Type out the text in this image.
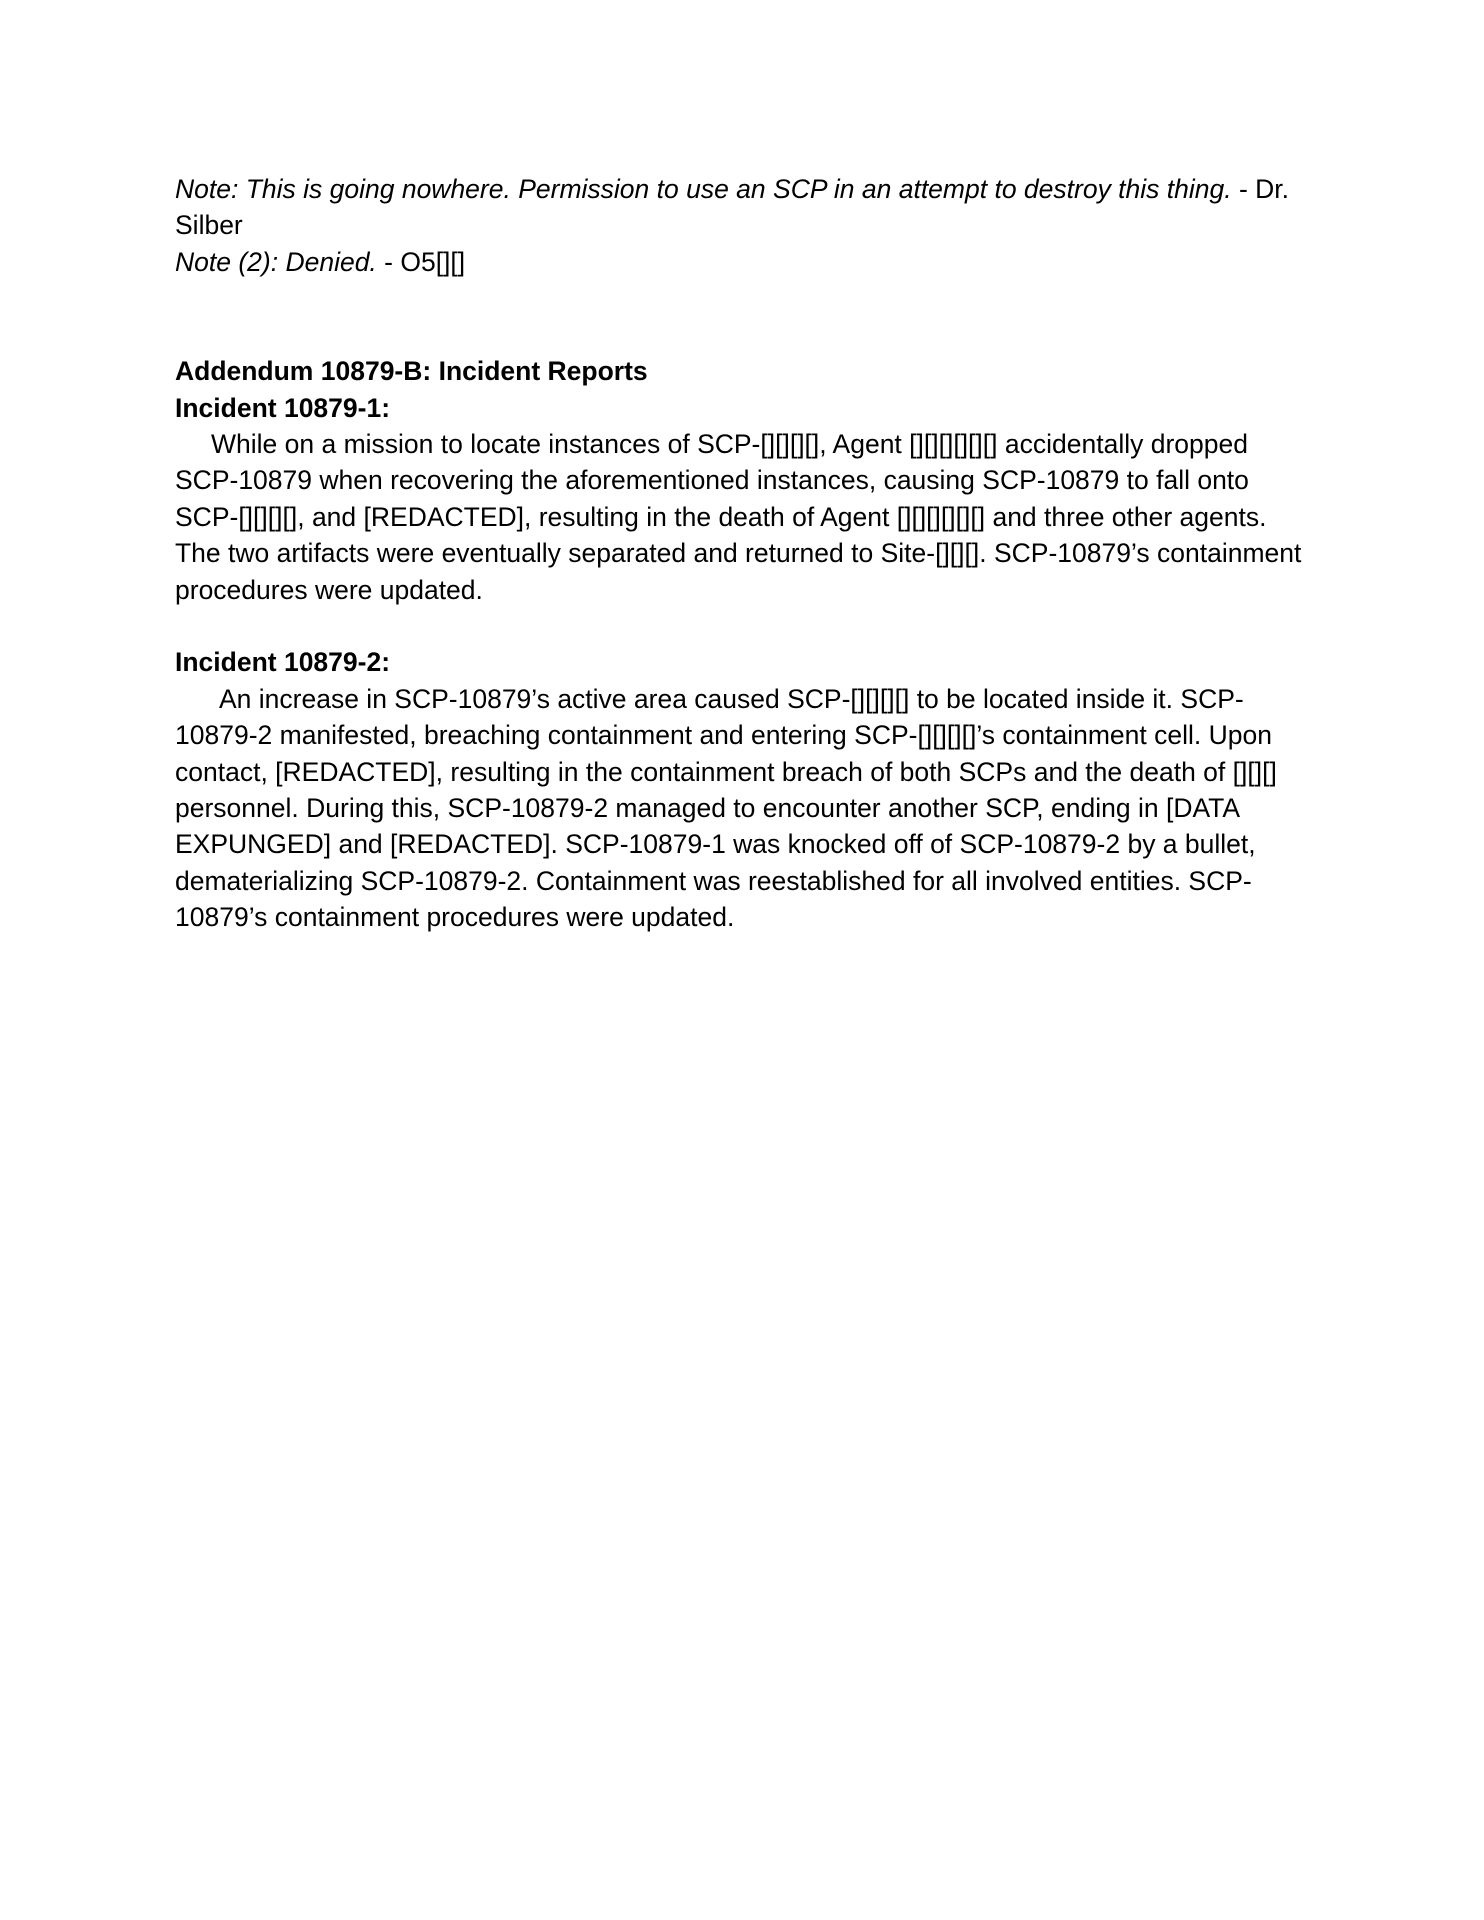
Note: This is going nowhere. Permission to use an SCP in an attempt to destroy this thing. - Dr. Silber

Note (2): Denied. - O5[][]

Addendum 10879-B: Incident Reports

Incident 10879-1:

While on a mission to locate instances of SCP-[][][][], Agent [][][][][][] accidentally dropped SCP-10879 when recovering the aforementioned instances, causing SCP-10879 to fall onto SCP-[][][][], and [REDACTED], resulting in the death of Agent [][][][][][] and three other agents. The two artifacts were eventually separated and returned to Site-[][][]. SCP-10879’s containment procedures were updated.

Incident 10879-2:

An increase in SCP-10879’s active area caused SCP-[][][][] to be located inside it. SCP-10879-2 manifested, breaching containment and entering SCP-[][][][]’s containment cell. Upon contact, [REDACTED], resulting in the containment breach of both SCPs and the death of [][][] personnel. During this, SCP-10879-2 managed to encounter another SCP, ending in [DATA EXPUNGED] and [REDACTED]. SCP-10879-1 was knocked off of SCP-10879-2 by a bullet, dematerializing SCP-10879-2. Containment was reestablished for all involved entities. SCP-10879’s containment procedures were updated.
